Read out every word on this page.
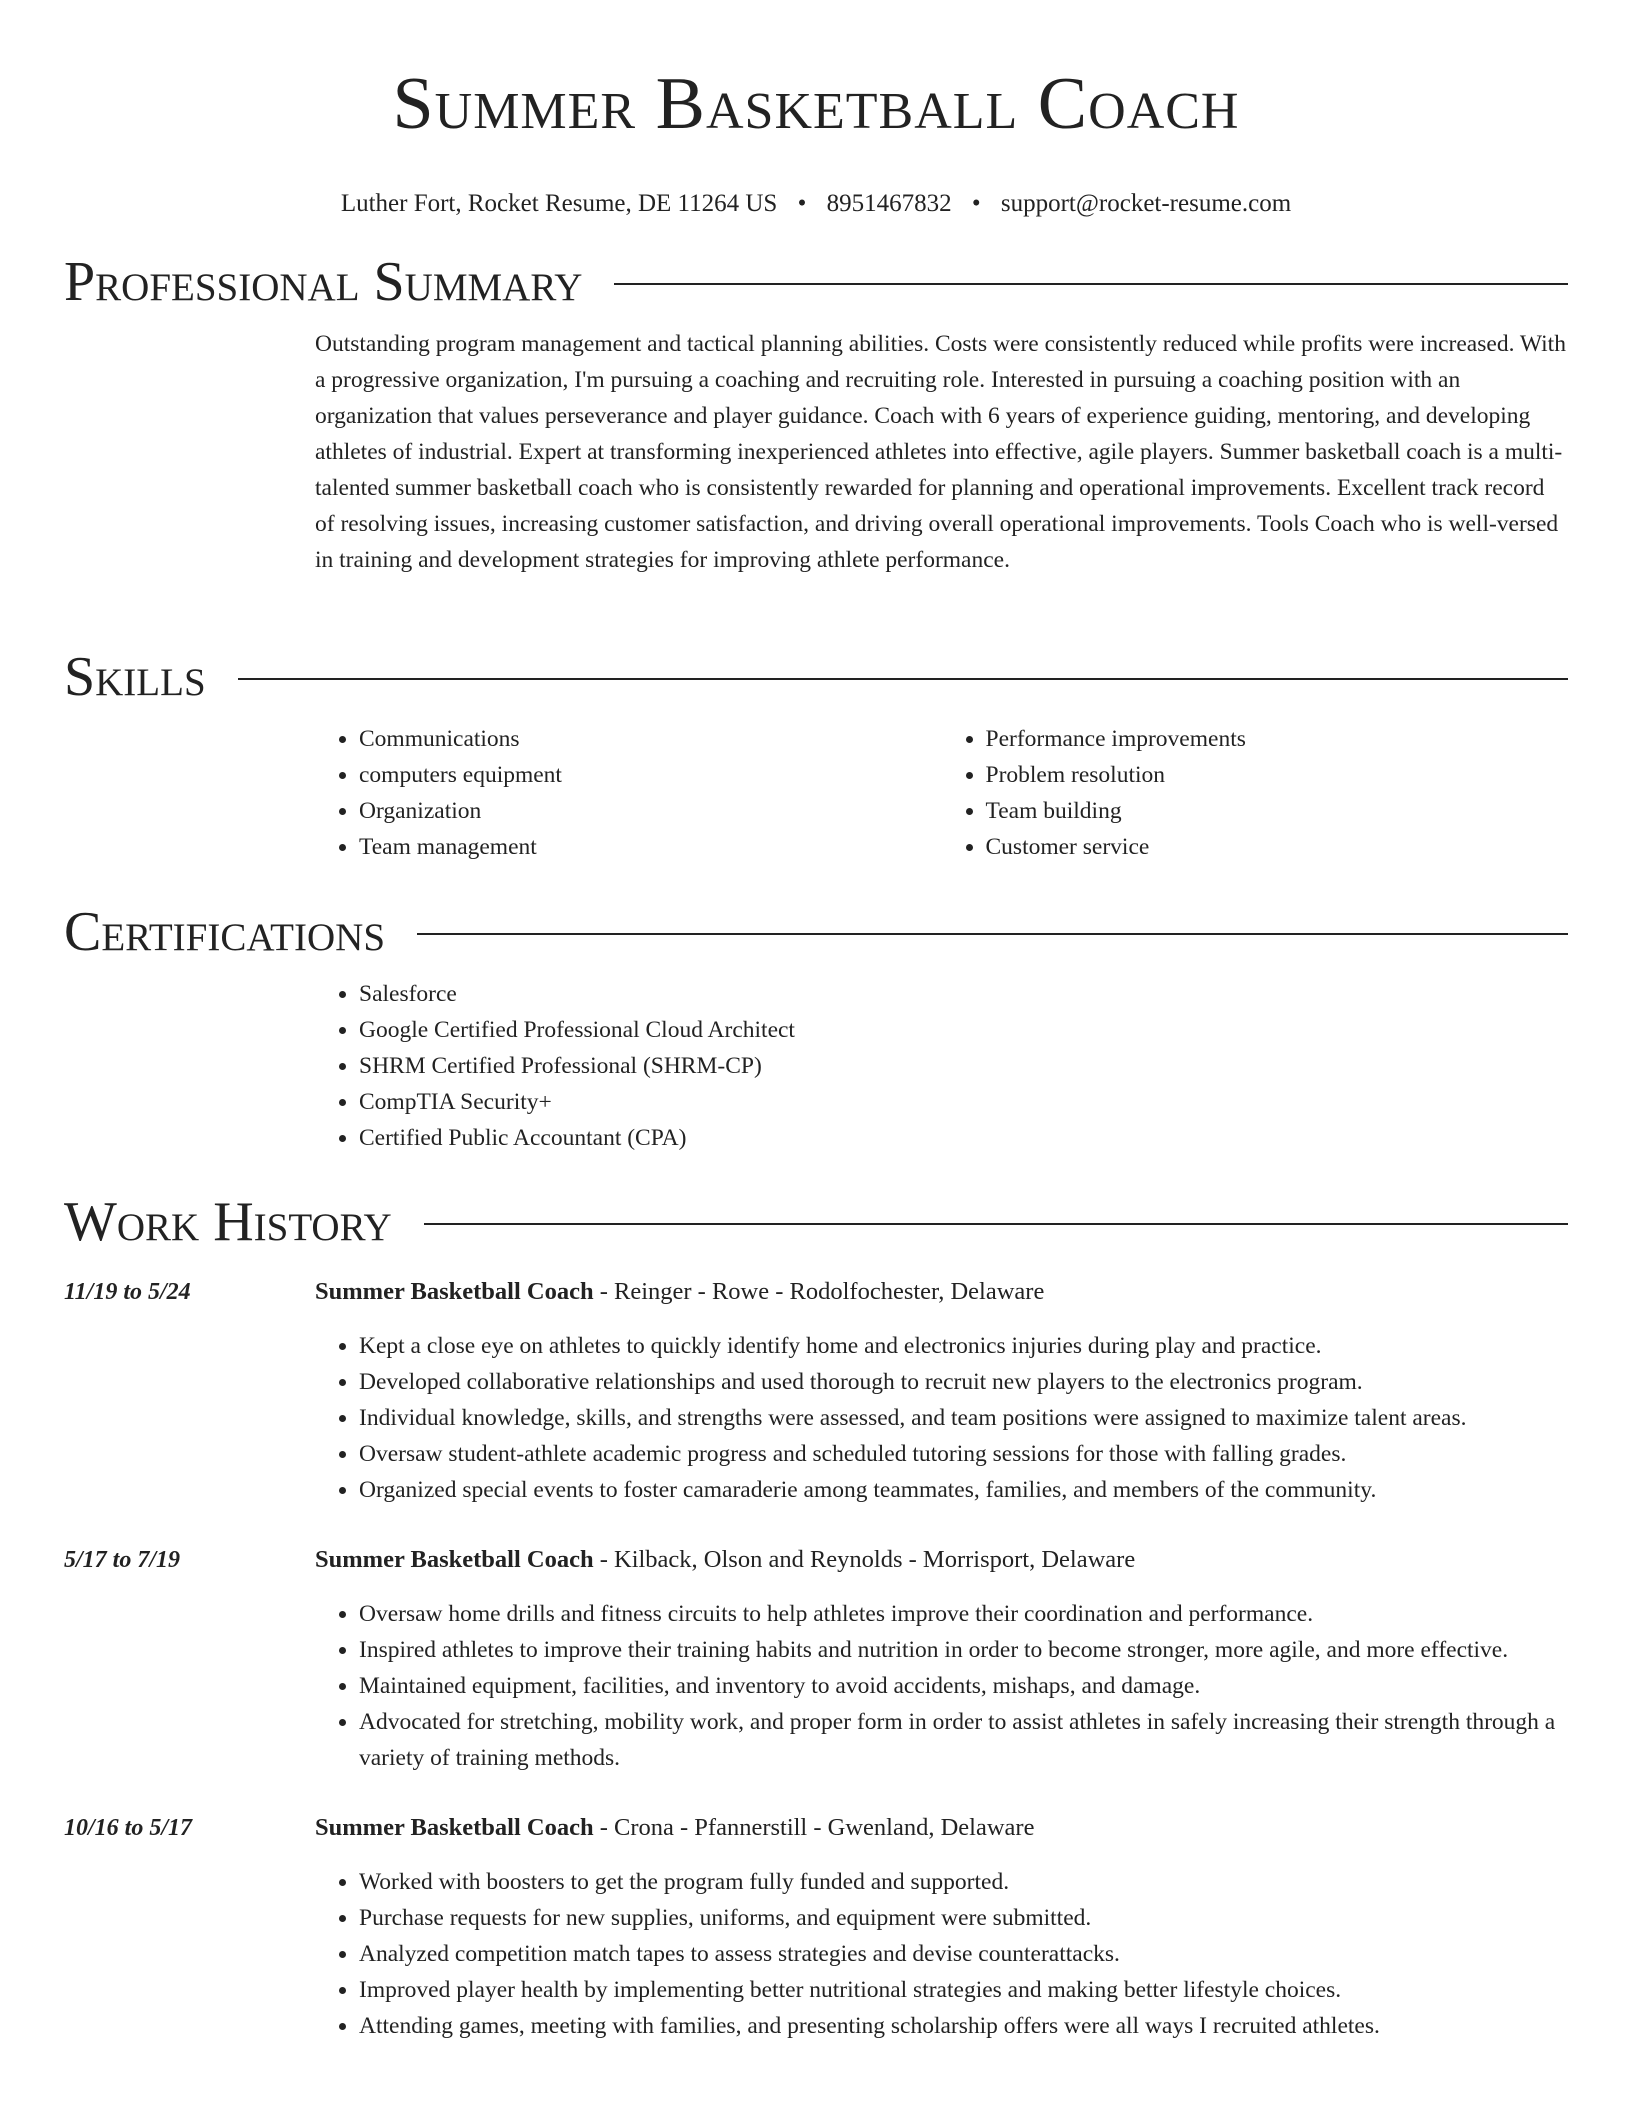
Summer Basketball Coach
Luther Fort, Rocket Resume, DE 11264 US • 8951467832 • support@rocket-resume.com
Professional Summary
Outstanding program management and tactical planning abilities. Costs were consistently reduced while profits were increased. With a progressive organization, I'm pursuing a coaching and recruiting role. Interested in pursuing a coaching position with an organization that values perseverance and player guidance. Coach with 6 years of experience guiding, mentoring, and developing athletes of industrial. Expert at transforming inexperienced athletes into effective, agile players. Summer basketball coach is a multi-talented summer basketball coach who is consistently rewarded for planning and operational improvements. Excellent track record of resolving issues, increasing customer satisfaction, and driving overall operational improvements. Tools Coach who is well-versed in training and development strategies for improving athlete performance.
Skills
• Communications
• computers equipment
• Organization
• Team management
• Performance improvements
• Problem resolution
• Team building
• Customer service
Certifications
• Salesforce
• Google Certified Professional Cloud Architect
• SHRM Certified Professional (SHRM-CP)
• CompTIA Security+
• Certified Public Accountant (CPA)
Work History
11/19 to 5/24	Summer Basketball Coach - Reinger - Rowe - Rodolfochester, Delaware
• Kept a close eye on athletes to quickly identify home and electronics injuries during play and practice.
• Developed collaborative relationships and used thorough to recruit new players to the electronics program.
• Individual knowledge, skills, and strengths were assessed, and team positions were assigned to maximize talent areas.
• Oversaw student-athlete academic progress and scheduled tutoring sessions for those with falling grades.
• Organized special events to foster camaraderie among teammates, families, and members of the community.
5/17 to 7/19	Summer Basketball Coach - Kilback, Olson and Reynolds - Morrisport, Delaware
• Oversaw home drills and fitness circuits to help athletes improve their coordination and performance.
• Inspired athletes to improve their training habits and nutrition in order to become stronger, more agile, and more effective.
• Maintained equipment, facilities, and inventory to avoid accidents, mishaps, and damage.
• Advocated for stretching, mobility work, and proper form in order to assist athletes in safely increasing their strength through a variety of training methods.
10/16 to 5/17	Summer Basketball Coach - Crona - Pfannerstill - Gwenland, Delaware
• Worked with boosters to get the program fully funded and supported.
• Purchase requests for new supplies, uniforms, and equipment were submitted.
• Analyzed competition match tapes to assess strategies and devise counterattacks.
• Improved player health by implementing better nutritional strategies and making better lifestyle choices.
• Attending games, meeting with families, and presenting scholarship offers were all ways I recruited athletes.
